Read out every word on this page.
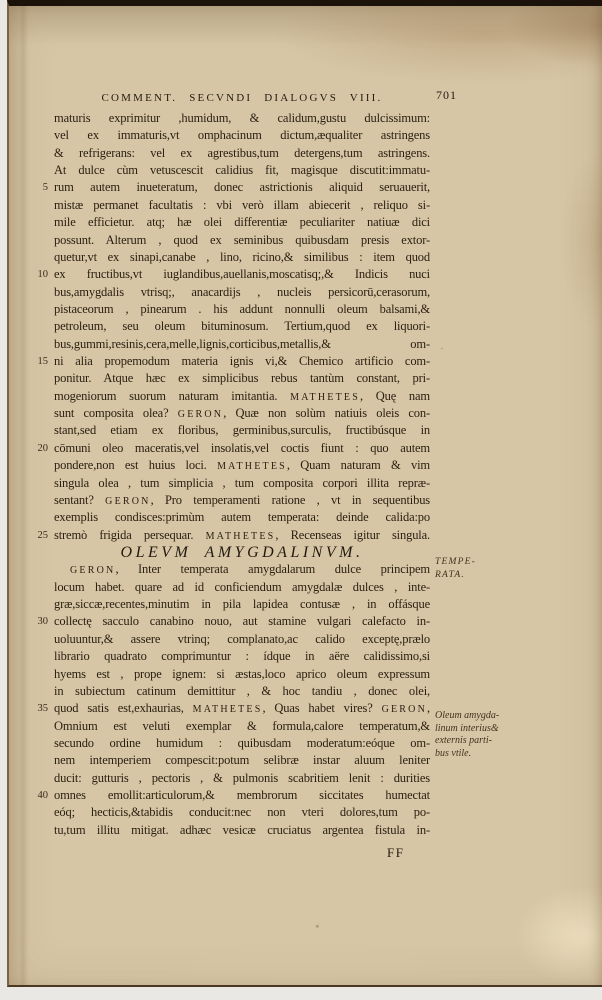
COMMENT. SECVNDI DIALOGVS VIII.	701
maturis exprimitur ,humidum, & calidum,gustu dulcissimum:
vel ex immaturis,vt omphacinum dictum,æqualiter astringens
& refrigerans: vel ex agrestibus,tum detergens,tum astringens.
At dulce cùm vetuscescit calidius fit, magisque discutit:immatu-
5 rum autem inueteratum, donec astrictionis aliquid seruauerit,
mistæ permanet facultatis : vbi verò illam abiecerit , reliquo si-
mile efficietur. atq; hæ olei differentiæ peculiariter natiuæ dici
possunt. Alterum , quod ex seminibus quibusdam presis extor-
quetur,vt ex sinapi,canabe , lino, ricino,& similibus : item quod
10 ex fructibus,vt iuglandibus,auellanis,moscatisq;,& Indicis nuci
bus,amygdalis vtrisq;, anacardijs , nucleis persicorū,cerasorum,
pistaceorum , pinearum . his addunt nonnulli oleum balsami,&
petroleum, seu oleum bituminosum. Tertium,quod ex liquori-
bus,gummi,resinis,cera,melle,lignis,corticibus,metallis,& om-
15 ni alia propemodum materia ignis vi,& Chemico artificio com-
ponitur. Atque hæc ex simplicibus rebus tantùm constant, pri-
mogeniorum suorum naturam imitantia. MATHETES, Quę nam
sunt composita olea? GERON, Quæ non solùm natiuis oleis con-
stant,sed etiam ex floribus, germinibus,surculis, fructibúsque in
20 cōmuni oleo maceratis,vel insolatis,vel coctis fiunt : quo autem
pondere,non est huius loci. MATHETES, Quam naturam & vim
singula olea , tum simplicia , tum composita corpori illita repræ-
sentant? GERON, Pro temperamenti ratione , vt in sequentibus
exemplis condisces:primùm autem temperata: deinde calida:po
25 stremò frigida persequar. MATHETES, Recenseas igitur singula.
OLEVM AMYGDALINVM.
GERON, Inter temperata amygdalarum dulce principem
locum habet. quare ad id conficiendum amygdalæ dulces , inte-
græ,siccæ,recentes,minutim in pila lapidea contusæ , in offásque
30 collectę sacculo canabino nouo, aut stamine vulgari calefacto in-
uoluuntur,& assere vtrinq; complanato,ac calido exceptę,prælo
librario quadrato comprimuntur : ídque in aëre calidissimo,si
hyems est , prope ignem: si æstas,loco aprico oleum expressum
in subiectum catinum demittitur , & hoc tandiu , donec olei,
35 quod satis est,exhaurias, MATHETES, Quas habet vires? GERON,
Omnium est veluti exemplar & formula,calore temperatum,&
secundo ordine humidum : quibusdam moderatum:eóque om-
nem intemperiem compescit:potum selibræ instar aluum leniter
ducit: gutturis , pectoris , & pulmonis scabritiem lenit : durities
40 omnes emollit:articulorum,& membrorum siccitates humectat
eóq; hecticis,&tabidis conducit:nec non vteri dolores,tum po-
tu,tum illitu mitigat. adhæc vesicæ cruciatus argentea fistula in-
FF
TEMPE-
RATA.
Oleum amygda-
linum interius&
externis parti-
bus vtile.
